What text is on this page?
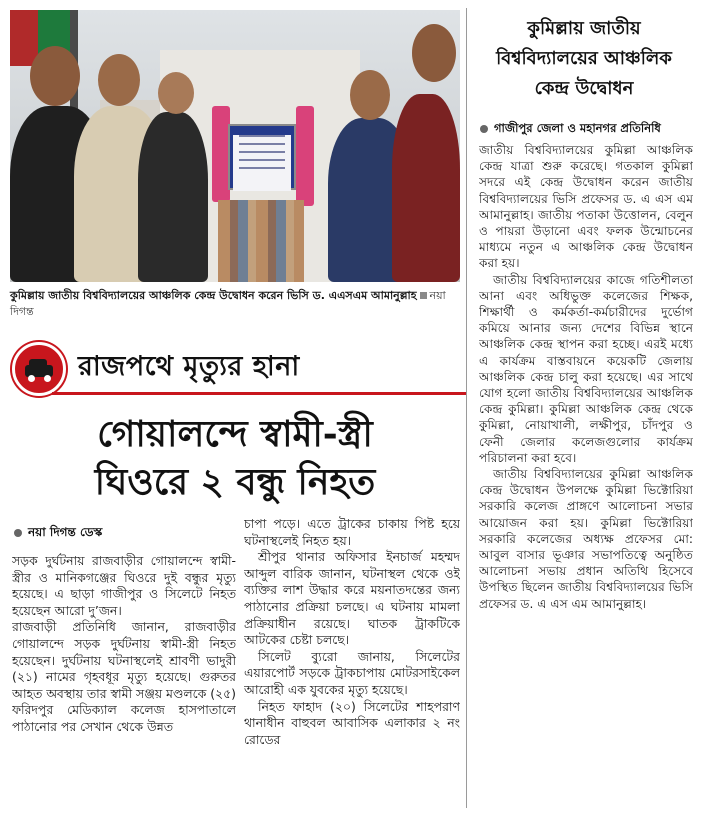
কুমিল্লায় জাতীয় বিশ্ববিদ্যালয়ের আঞ্চলিক কেন্দ্র উদ্বোধন করেন ভিসি ড. এএসএম আমানুল্লাহ নয়া দিগন্ত
রাজপথে মৃত্যুর হানা
গোয়ালন্দে স্বামী-স্ত্রী
ঘিওরে ২ বন্ধু নিহত
নয়া দিগন্ত ডেস্ক

সড়ক দুর্ঘটনায় রাজবাড়ীর গোয়ালন্দে স্বামী-স্ত্রীর ও মানিকগঞ্জের ঘিওরে দুই বন্ধুর মৃত্যু হয়েছে। এ ছাড়া গাজীপুর ও সিলেটে নিহত হয়েছেন আরো দু’জন।

রাজবাড়ী প্রতিনিধি জানান, রাজবাড়ীর গোয়ালন্দে সড়ক দুর্ঘটনায় স্বামী-স্ত্রী নিহত হয়েছেন। দুর্ঘটনায় ঘটনাস্থলেই শ্রাবণী ভাদুরী (২১) নামের গৃহবধূর মৃত্যু হয়েছে। গুরুতর আহত অবস্থায় তার স্বামী সঞ্জয় মণ্ডলকে (২৫) ফরিদপুর মেডিক্যাল কলেজ হাসপাতালে পাঠানোর পর সেখান থেকে উন্নত

চাপা পড়ে। এতে ট্রাকের চাকায় পিষ্ট হয়ে ঘটনাস্থলেই নিহত হয়।

শ্রীপুর থানার অফিসার ইনচার্জ মহম্মদ আব্দুল বারিক জানান, ঘটনাস্থল থেকে ওই ব্যক্তির লাশ উদ্ধার করে ময়নাতদন্তের জন্য পাঠানোর প্রক্রিয়া চলছে। এ ঘটনায় মামলা প্রক্রিয়াধীন রয়েছে। ঘাতক ট্রাকটিকে আটকের চেষ্টা চলছে।

সিলেট ব্যুরো জানায়, সিলেটের এয়ারপোর্ট সড়কে ট্রাকচাপায় মোটরসাইকেল আরোহী এক যুবকের মৃত্যু হয়েছে।

নিহত ফাহাদ (২০) সিলেটের শাহপরাণ থানাধীন বাহুবল আবাসিক এলাকার ২ নং রোডের

কুমিল্লায় জাতীয় বিশ্ববিদ্যালয়ের আঞ্চলিক কেন্দ্র উদ্বোধন
গাজীপুর জেলা ও মহানগর প্রতিনিধি

জাতীয় বিশ্ববিদ্যালয়ের কুমিল্লা আঞ্চলিক কেন্দ্র যাত্রা শুরু করেছে। গতকাল কুমিল্লা সদরে এই কেন্দ্র উদ্বোধন করেন জাতীয় বিশ্ববিদ্যালয়ের ভিসি প্রফেসর ড. এ এস এম আমানুল্লাহ। জাতীয় পতাকা উত্তোলন, বেলুন ও পায়রা উড়ানো এবং ফলক উন্মোচনের মাধ্যমে নতুন এ আঞ্চলিক কেন্দ্র উদ্বোধন করা হয়।

জাতীয় বিশ্ববিদ্যালয়ের কাজে গতিশীলতা আনা এবং অধিভুক্ত কলেজের শিক্ষক, শিক্ষার্থী ও কর্মকর্তা-কর্মচারীদের দুর্ভোগ কমিয়ে আনার জন্য দেশের বিভিন্ন স্থানে আঞ্চলিক কেন্দ্র স্থাপন করা হচ্ছে। এরই মধ্যে এ কার্যক্রম বাস্তবায়নে কয়েকটি জেলায় আঞ্চলিক কেন্দ্র চালু করা হয়েছে। এর সাথে যোগ হলো জাতীয় বিশ্ববিদ্যালয়ের আঞ্চলিক কেন্দ্র কুমিল্লা। কুমিল্লা আঞ্চলিক কেন্দ্র থেকে কুমিল্লা, নোয়াখালী, লক্ষীপুর, চাঁদপুর ও ফেনী জেলার কলেজগুলোর কার্যক্রম পরিচালনা করা হবে।

জাতীয় বিশ্ববিদ্যালয়ের কুমিল্লা আঞ্চলিক কেন্দ্র উদ্বোধন উপলক্ষে কুমিল্লা ভিক্টোরিয়া সরকারি কলেজ প্রাঙ্গণে আলোচনা সভার আয়োজন করা হয়। কুমিল্লা ভিক্টোরিয়া সরকারি কলেজের অধ্যক্ষ প্রফেসর মো: আবুল বাসার ভূঞার সভাপতিত্বে অনুষ্ঠিত আলোচনা সভায় প্রধান অতিথি হিসেবে উপস্থিত ছিলেন জাতীয় বিশ্ববিদ্যালয়ের ভিসি প্রফেসর ড. এ এস এম আমানুল্লাহ।
